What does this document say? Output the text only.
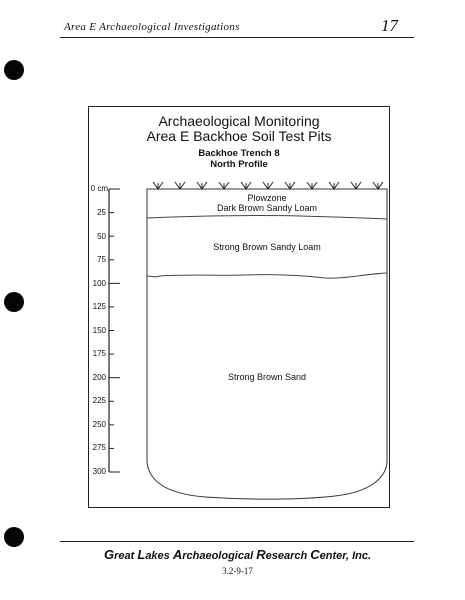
Area E Archaeological Investigations	17
Archaeological Monitoring
Area E Backhoe Soil Test Pits
Backhoe Trench 8
North Profile
Plowzone
Dark Brown Sandy Loam
Strong Brown Sandy Loam
Strong Brown Sand
0 cm
25
50
75
100
125
150
175
200
225
250
275
300
Great Lakes Archaeological Research Center, Inc.
3.2-9-17
